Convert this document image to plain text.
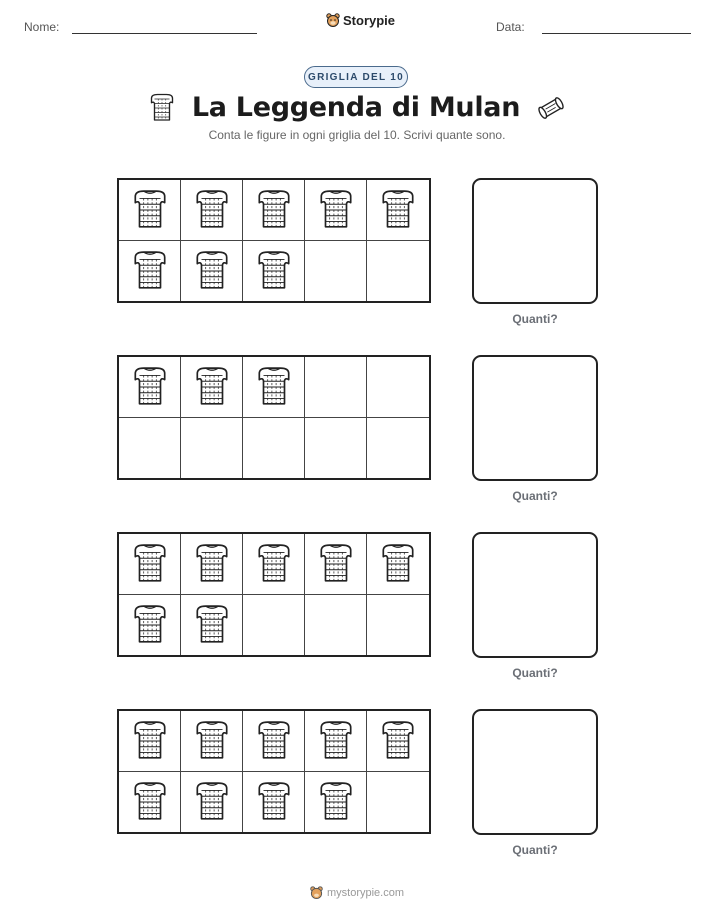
Nome:	Storypie	Data:
GRIGLIA DEL 10
La Leggenda di Mulan
Conta le figure in ogni griglia del 10. Scrivi quante sono.
Quanti?
Quanti?
Quanti?
Quanti?
mystorypie.com
